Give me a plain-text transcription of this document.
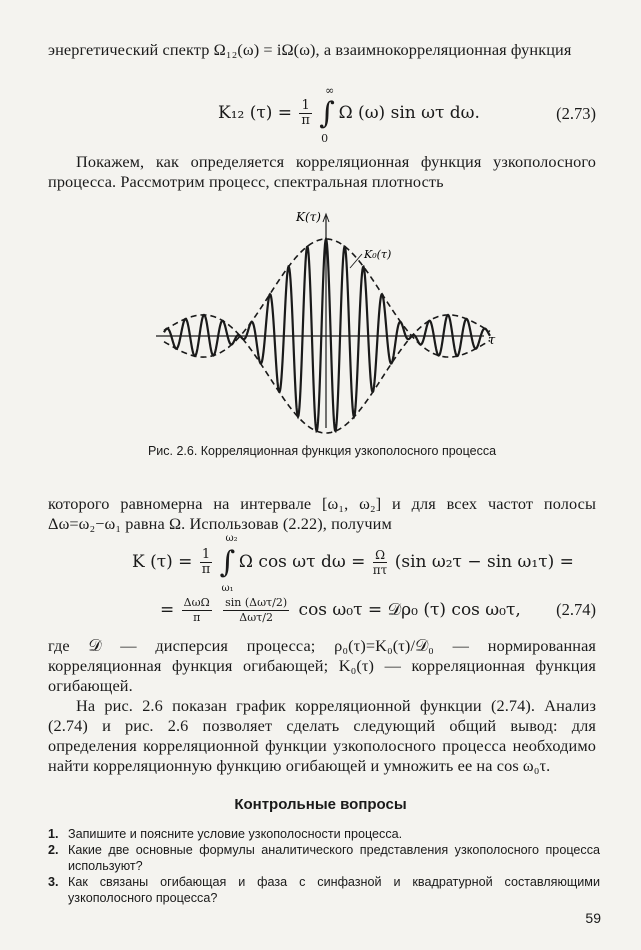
энергетический спектр Ω₁₂(ω) = iΩ(ω), а взаимнокорреляционная функция
K₁₂ $(\tau) = \frac{1}{\pi}$ ∫
∞
0
Ω (ω) sin ωτ dω.	(2.73)
Покажем, как определяется корреляционная функция узкополосного процесса. Рассмотрим процесс, спектральная плотность
K(τ)
τ
K₀(τ)
Рис. 2.6. Корреляционная функция узкополосного процесса
которого равномерна на интервале [ω₁, ω₂] и для всех частот полосы Δω=ω₂−ω₁ равна Ω. Использовав (2.22), получим
K $(\tau) = \frac{1}{\pi}$ ∫
ω₂
ω₁
Ω cos ωτ $d\omega = \frac{\Omega}{\pi\tau} (\sin$ ω₂τ − sin ω₁τ) =
= ΔωΩ
π

sin (Δωτ/2)
Δωτ/2	cos ω₀τ = 𝒟ρ₀ (τ) cos ω₀τ, (2.74)
где 𝒟 — дисперсия процесса; ρ₀(τ)=K₀(τ)/𝒟₀ — нормированная корреляционная функция огибающей; K₀(τ) — корреляционная функция огибающей.
На рис. 2.6 показан график корреляционной функции (2.74). Анализ (2.74) и рис. 2.6 позволяет сделать следующий общий вывод: для определения корреляционной функции узкополосного процесса необходимо найти корреляционную функцию огибающей и умножить ее на cos ω₀τ.
Контрольные вопросы
1. Запишите и поясните условие узкополосности процесса.
2. Какие две основные формулы аналитического представления узкополосного процесса используют?
3. Как связаны огибающая и фаза с синфазной и квадратурной составляющими узкополосного процесса?
59
